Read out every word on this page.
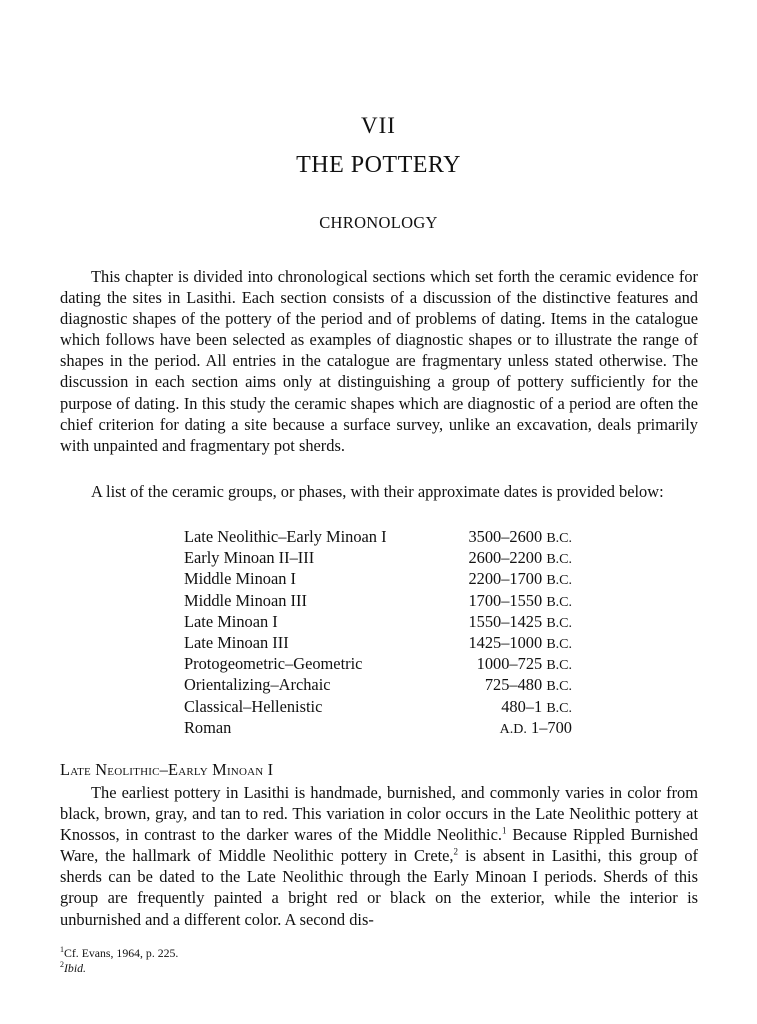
VII
THE POTTERY
CHRONOLOGY

This chapter is divided into chronological sections which set forth the ceramic evidence for dating the sites in Lasithi. Each section consists of a discussion of the distinctive features and diagnostic shapes of the pottery of the period and of problems of dating. Items in the catalogue which follows have been selected as examples of diagnostic shapes or to illustrate the range of shapes in the period. All entries in the catalogue are fragmentary unless stated otherwise. The discussion in each section aims only at distinguishing a group of pottery sufficiently for the purpose of dating. In this study the ceramic shapes which are diagnostic of a period are often the chief criterion for dating a site because a surface survey, unlike an excavation, deals primarily with unpainted and fragmentary pot sherds.

A list of the ceramic groups, or phases, with their approximate dates is provided below:

Late Neolithic–Early Minoan I	3500–2600 B.C.
Early Minoan II–III	2600–2200 B.C.
Middle Minoan I	2200–1700 B.C.
Middle Minoan III	1700–1550 B.C.
Late Minoan I	1550–1425 B.C.
Late Minoan III	1425–1000 B.C.
Protogeometric–Geometric	1000–725 B.C.
Orientalizing–Archaic	725–480 B.C.
Classical–Hellenistic	480–1 B.C.
Roman	A.D. 1–700
Late Neolithic–Early Minoan I

The earliest pottery in Lasithi is handmade, burnished, and commonly varies in color from black, brown, gray, and tan to red. This variation in color occurs in the Late Neolithic pottery at Knossos, in contrast to the darker wares of the Middle Neolithic.$^1$ Because Rippled Burnished Ware, the hallmark of Middle Neolithic pottery in Crete,$^2$ is absent in Lasithi, this group of sherds can be dated to the Late Neolithic through the Early Minoan I periods. Sherds of this group are frequently painted a bright red or black on the exterior, while the interior is unburnished and a different color. A second dis-

$^1$Cf. Evans, 1964, p. 225.
$^2$Ibid.
